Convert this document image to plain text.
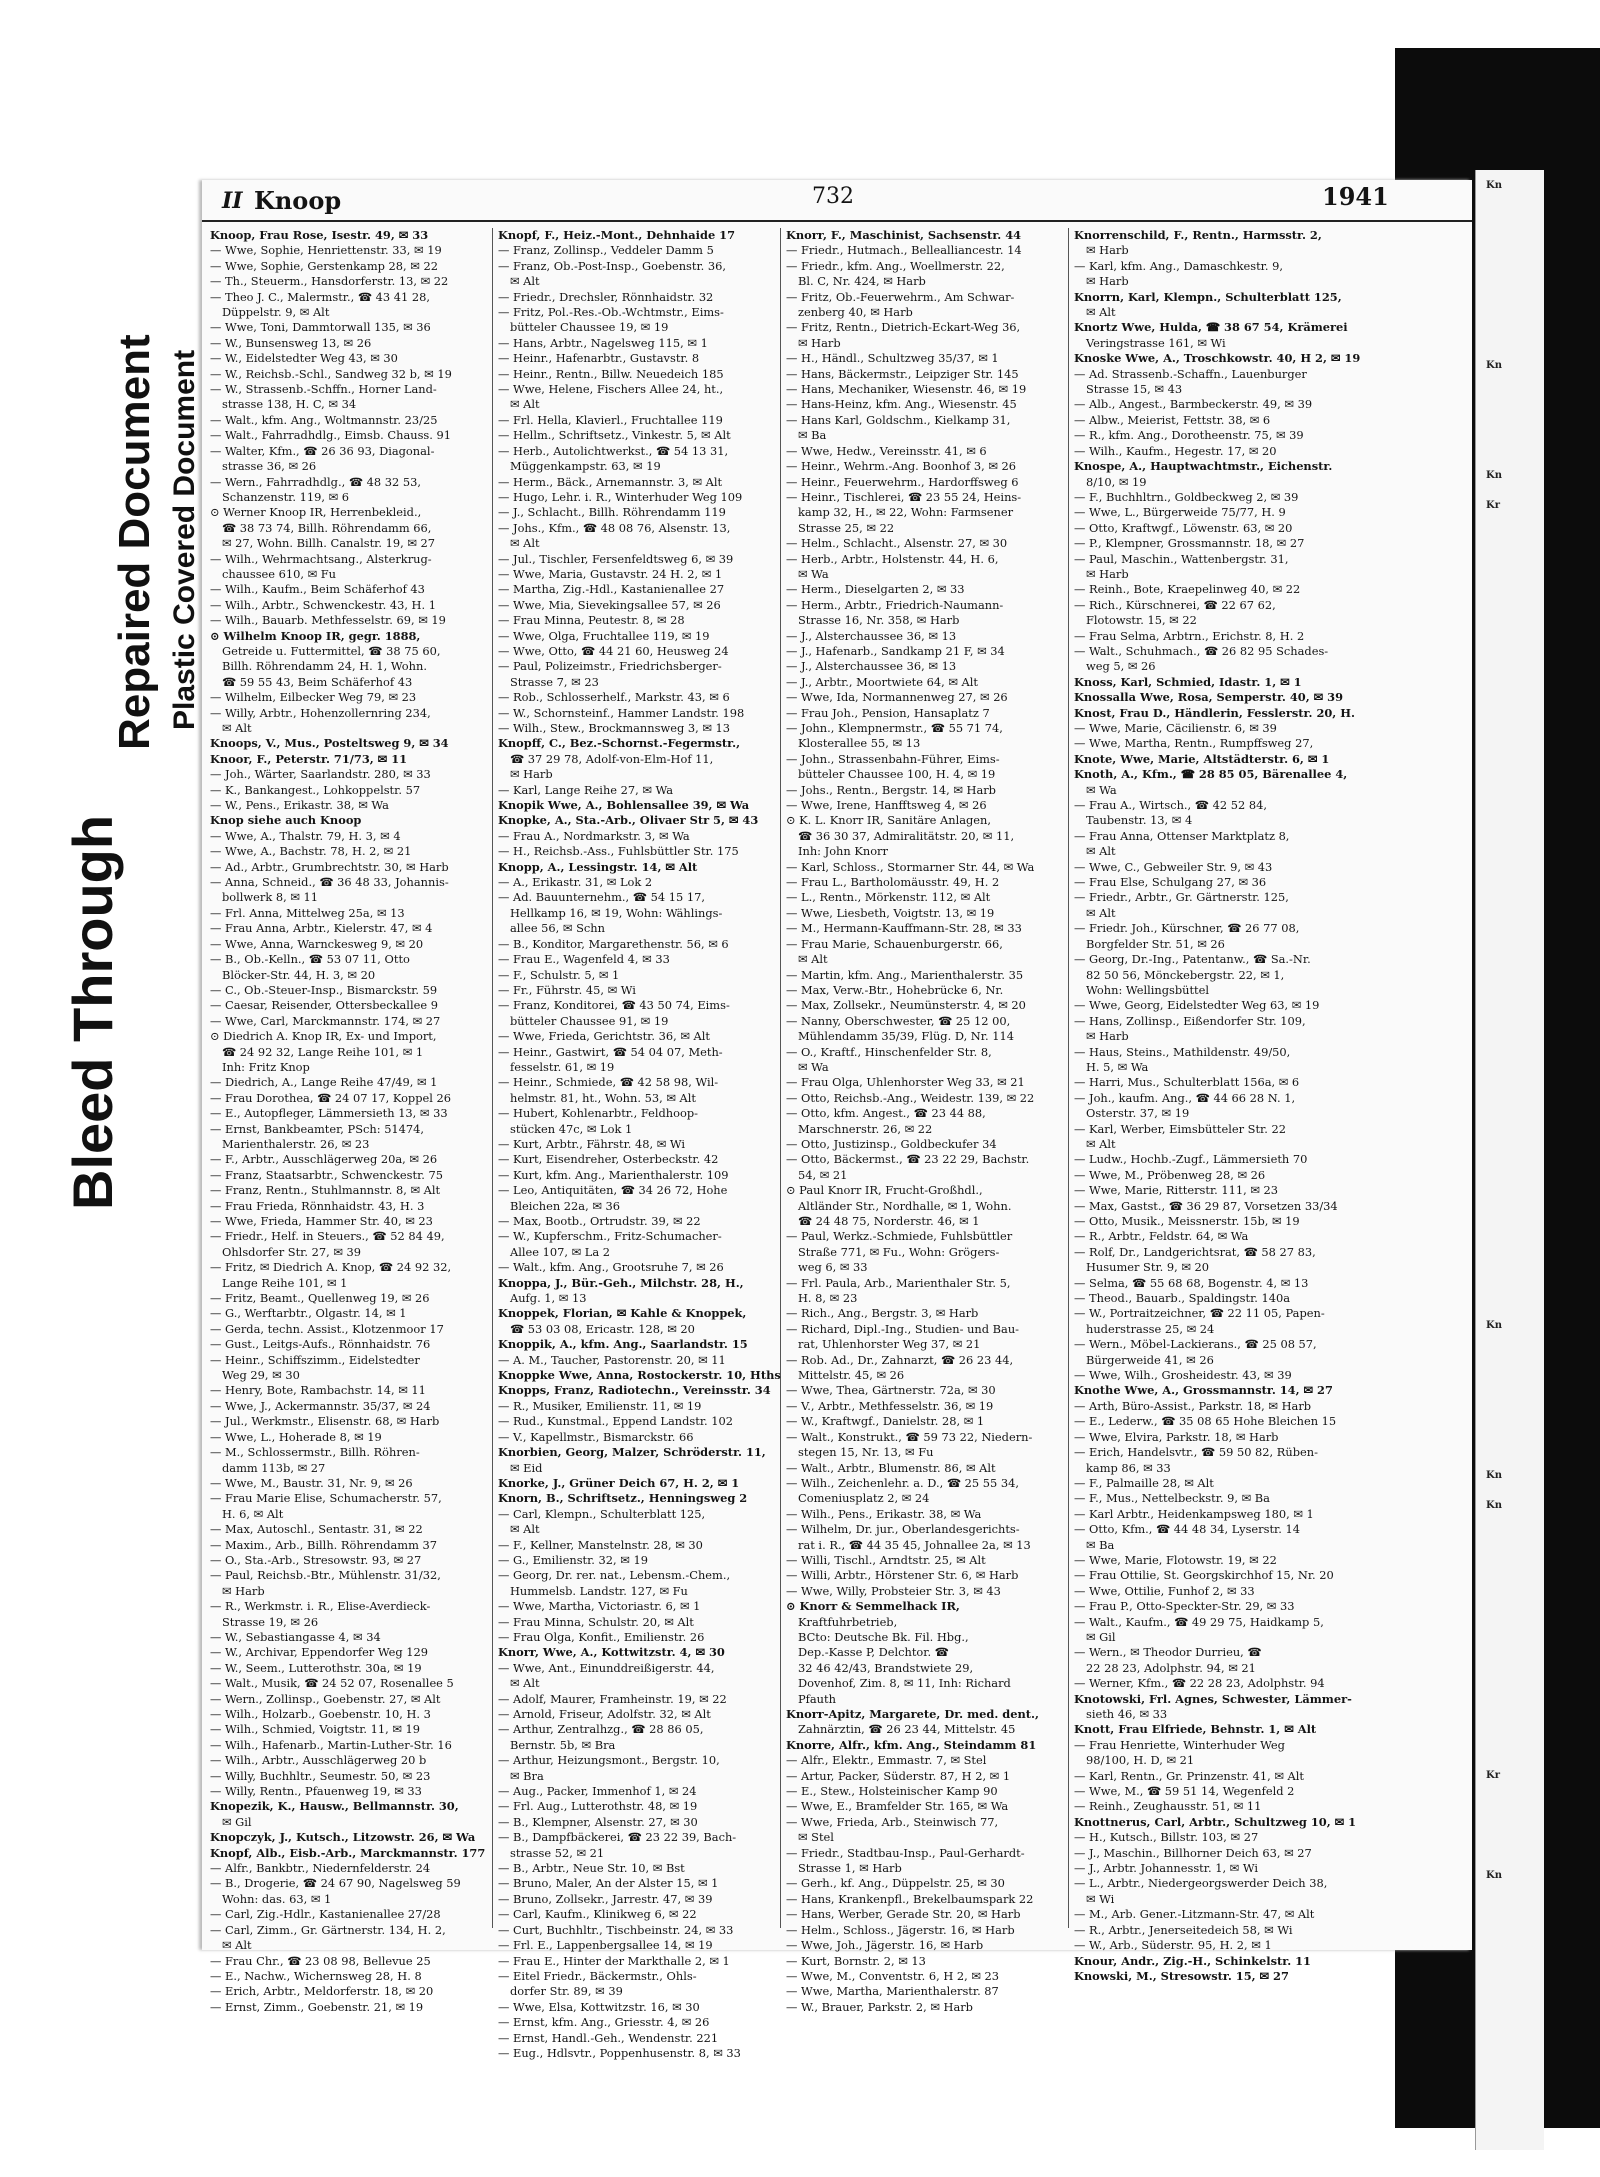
Bleed Through
Repaired Document Plastic Covered Document
Kn
Kn
Kn
Kr
Kn
Kn
Kn
Kr
Kn
II Knoop	732	1941
Knoop, Frau Rose, Isestr. 49, ✉ 33
— Wwe, Sophie, Henriettenstr. 33, ✉ 19
— Wwe, Sophie, Gerstenkamp 28, ✉ 22
— Th., Steuerm., Hansdorferstr. 13, ✉ 22
— Theo J. C., Malermstr., ☎ 43 41 28,
Düppelstr. 9, ✉ Alt
— Wwe, Toni, Dammtorwall 135, ✉ 36
— W., Bunsensweg 13, ✉ 26
— W., Eidelstedter Weg 43, ✉ 30
— W., Reichsb.-Schl., Sandweg 32 b, ✉ 19
— W., Strassenb.-Schffn., Horner Land-
strasse 138, H. C, ✉ 34
— Walt., kfm. Ang., Woltmannstr. 23/25
— Walt., Fahrradhdlg., Eimsb. Chauss. 91
— Walter, Kfm., ☎ 26 36 93, Diagonal-
strasse 36, ✉ 26
— Wern., Fahrradhdlg., ☎ 48 32 53,
Schanzenstr. 119, ✉ 6
⊙ Werner Knoop IR, Herrenbekleid.,
☎ 38 73 74, Billh. Röhrendamm 66,
✉ 27, Wohn. Billh. Canalstr. 19, ✉ 27
— Wilh., Wehrmachtsang., Alsterkrug-
chaussee 610, ✉ Fu
— Wilh., Kaufm., Beim Schäferhof 43
— Wilh., Arbtr., Schwenckestr. 43, H. 1
— Wilh., Bauarb. Methfesselstr. 69, ✉ 19
⊙ Wilhelm Knoop IR, gegr. 1888,
Getreide u. Futtermittel, ☎ 38 75 60,
Billh. Röhrendamm 24, H. 1, Wohn.
☎ 59 55 43, Beim Schäferhof 43
— Wilhelm, Eilbecker Weg 79, ✉ 23
— Willy, Arbtr., Hohenzollernring 234,
✉ Alt
Knoops, V., Mus., Posteltsweg 9, ✉ 34
Knoor, F., Peterstr. 71/73, ✉ 11
— Joh., Wärter, Saarlandstr. 280, ✉ 33
— K., Bankangest., Lohkoppelstr. 57
— W., Pens., Erikastr. 38, ✉ Wa
Knop siehe auch Knoop
— Wwe, A., Thalstr. 79, H. 3, ✉ 4
— Wwe, A., Bachstr. 78, H. 2, ✉ 21
— Ad., Arbtr., Grumbrechtstr. 30, ✉ Harb
— Anna, Schneid., ☎ 36 48 33, Johannis-
bollwerk 8, ✉ 11
— Frl. Anna, Mittelweg 25a, ✉ 13
— Frau Anna, Arbtr., Kielerstr. 47, ✉ 4
— Wwe, Anna, Warnckesweg 9, ✉ 20
— B., Ob.-Kelln., ☎ 53 07 11, Otto
Blöcker-Str. 44, H. 3, ✉ 20
— C., Ob.-Steuer-Insp., Bismarckstr. 59
— Caesar, Reisender, Ottersbeckallee 9
— Wwe, Carl, Marckmannstr. 174, ✉ 27
⊙ Diedrich A. Knop IR, Ex- und Import,
☎ 24 92 32, Lange Reihe 101, ✉ 1
Inh: Fritz Knop
— Diedrich, A., Lange Reihe 47/49, ✉ 1
— Frau Dorothea, ☎ 24 07 17, Koppel 26
— E., Autopfleger, Lämmersieth 13, ✉ 33
— Ernst, Bankbeamter, PSch: 51474,
Marienthalerstr. 26, ✉ 23
— F., Arbtr., Ausschlägerweg 20a, ✉ 26
— Franz, Staatsarbtr., Schwenckestr. 75
— Franz, Rentn., Stuhlmannstr. 8, ✉ Alt
— Frau Frieda, Rönnhaidstr. 43, H. 3
— Wwe, Frieda, Hammer Str. 40, ✉ 23
— Friedr., Helf. in Steuers., ☎ 52 84 49,
Ohlsdorfer Str. 27, ✉ 39
— Fritz, ✉ Diedrich A. Knop, ☎ 24 92 32,
Lange Reihe 101, ✉ 1
— Fritz, Beamt., Quellenweg 19, ✉ 26
— G., Werftarbtr., Olgastr. 14, ✉ 1
— Gerda, techn. Assist., Klotzenmoor 17
— Gust., Leitgs-Aufs., Rönnhaidstr. 76
— Heinr., Schiffszimm., Eidelstedter
Weg 29, ✉ 30
— Henry, Bote, Rambachstr. 14, ✉ 11
— Wwe, J., Ackermannstr. 35/37, ✉ 24
— Jul., Werkmstr., Elisenstr. 68, ✉ Harb
— Wwe, L., Hoherade 8, ✉ 19
— M., Schlossermstr., Billh. Röhren-
damm 113b, ✉ 27
— Wwe, M., Baustr. 31, Nr. 9, ✉ 26
— Frau Marie Elise, Schumacherstr. 57,
H. 6, ✉ Alt
— Max, Autoschl., Sentastr. 31, ✉ 22
— Maxim., Arb., Billh. Röhrendamm 37
— O., Sta.-Arb., Stresowstr. 93, ✉ 27
— Paul, Reichsb.-Btr., Mühlenstr. 31/32,
✉ Harb
— R., Werkmstr. i. R., Elise-Averdieck-
Strasse 19, ✉ 26
— W., Sebastiangasse 4, ✉ 34
— W., Archivar, Eppendorfer Weg 129
— W., Seem., Lutterothstr. 30a, ✉ 19
— Walt., Musik, ☎ 24 52 07, Rosenallee 5
— Wern., Zollinsp., Goebenstr. 27, ✉ Alt
— Wilh., Holzarb., Goebenstr. 10, H. 3
— Wilh., Schmied, Voigtstr. 11, ✉ 19
— Wilh., Hafenarb., Martin-Luther-Str. 16
— Wilh., Arbtr., Ausschlägerweg 20 b
— Willy, Buchhltr., Seumestr. 50, ✉ 23
— Willy, Rentn., Pfauenweg 19, ✉ 33
Knopezik, K., Hausw., Bellmannstr. 30,
✉ Gil
Knopczyk, J., Kutsch., Litzowstr. 26, ✉ Wa
Knopf, Alb., Eisb.-Arb., Marckmannstr. 177
— Alfr., Bankbtr., Niedernfelderstr. 24
— B., Drogerie, ☎ 24 67 90, Nagelsweg 59
Wohn: das. 63, ✉ 1
— Carl, Zig.-Hdlr., Kastanienallee 27/28
— Carl, Zimm., Gr. Gärtnerstr. 134, H. 2,
✉ Alt
— Frau Chr., ☎ 23 08 98, Bellevue 25
— E., Nachw., Wichernsweg 28, H. 8
— Erich, Arbtr., Meldorferstr. 18, ✉ 20
— Ernst, Zimm., Goebenstr. 21, ✉ 19
Knopf, F., Heiz.-Mont., Dehnhaide 17
— Franz, Zollinsp., Veddeler Damm 5
— Franz, Ob.-Post-Insp., Goebenstr. 36,
✉ Alt
— Friedr., Drechsler, Rönnhaidstr. 32
— Fritz, Pol.-Res.-Ob.-Wchtmstr., Eims-
bütteler Chaussee 19, ✉ 19
— Hans, Arbtr., Nagelsweg 115, ✉ 1
— Heinr., Hafenarbtr., Gustavstr. 8
— Heinr., Rentn., Billw. Neuedeich 185
— Wwe, Helene, Fischers Allee 24, ht.,
✉ Alt
— Frl. Hella, Klavierl., Fruchtallee 119
— Hellm., Schriftsetz., Vinkestr. 5, ✉ Alt
— Herb., Autolichtwerkst., ☎ 54 13 31,
Müggenkampstr. 63, ✉ 19
— Herm., Bäck., Arnemannstr. 3, ✉ Alt
— Hugo, Lehr. i. R., Winterhuder Weg 109
— J., Schlacht., Billh. Röhrendamm 119
— Johs., Kfm., ☎ 48 08 76, Alsenstr. 13,
✉ Alt
— Jul., Tischler, Fersenfeldtsweg 6, ✉ 39
— Wwe, Maria, Gustavstr. 24 H. 2, ✉ 1
— Martha, Zig.-Hdl., Kastanienallee 27
— Wwe, Mia, Sievekingsallee 57, ✉ 26
— Frau Minna, Peutestr. 8, ✉ 28
— Wwe, Olga, Fruchtallee 119, ✉ 19
— Wwe, Otto, ☎ 44 21 60, Heusweg 24
— Paul, Polizeimstr., Friedrichsberger-
Strasse 7, ✉ 23
— Rob., Schlosserhelf., Markstr. 43, ✉ 6
— W., Schornsteinf., Hammer Landstr. 198
— Wilh., Stew., Brockmannsweg 3, ✉ 13
Knopff, C., Bez.-Schornst.-Fegermstr.,
☎ 37 29 78, Adolf-von-Elm-Hof 11,
✉ Harb
— Karl, Lange Reihe 27, ✉ Wa
Knopik Wwe, A., Bohlensallee 39, ✉ Wa
Knopke, A., Sta.-Arb., Olivaer Str 5, ✉ 43
— Frau A., Nordmarkstr. 3, ✉ Wa
— H., Reichsb.-Ass., Fuhlsbüttler Str. 175
Knopp, A., Lessingstr. 14, ✉ Alt
— A., Erikastr. 31, ✉ Lok 2
— Ad. Bauunternehm., ☎ 54 15 17,
Hellkamp 16, ✉ 19, Wohn: Wählings-
allee 56, ✉ Schn
— B., Konditor, Margarethenstr. 56, ✉ 6
— Frau E., Wagenfeld 4, ✉ 33
— F., Schulstr. 5, ✉ 1
— Fr., Führstr. 45, ✉ Wi
— Franz, Konditorei, ☎ 43 50 74, Eims-
bütteler Chaussee 91, ✉ 19
— Wwe, Frieda, Gerichtstr. 36, ✉ Alt
— Heinr., Gastwirt, ☎ 54 04 07, Meth-
fesselstr. 61, ✉ 19
— Heinr., Schmiede, ☎ 42 58 98, Wil-
helmstr. 81, ht., Wohn. 53, ✉ Alt
— Hubert, Kohlenarbtr., Feldhoop-
stücken 47c, ✉ Lok 1
— Kurt, Arbtr., Fährstr. 48, ✉ Wi
— Kurt, Eisendreher, Osterbeckstr. 42
— Kurt, kfm. Ang., Marienthalerstr. 109
— Leo, Antiquitäten, ☎ 34 26 72, Hohe
Bleichen 22a, ✉ 36
— Max, Bootb., Ortrudstr. 39, ✉ 22
— W., Kupferschm., Fritz-Schumacher-
Allee 107, ✉ La 2
— Walt., kfm. Ang., Grootsruhe 7, ✉ 26
Knoppa, J., Bür.-Geh., Milchstr. 28, H.,
Aufg. 1, ✉ 13
Knoppek, Florian, ✉ Kahle & Knoppek,
☎ 53 03 08, Ericastr. 128, ✉ 20
Knoppik, A., kfm. Ang., Saarlandstr. 15
— A. M., Taucher, Pastorenstr. 20, ✉ 11
Knoppke Wwe, Anna, Rostockerstr. 10, Hths
Knopps, Franz, Radiotechn., Vereinsstr. 34
— R., Musiker, Emilienstr. 11, ✉ 19
— Rud., Kunstmal., Eppend Landstr. 102
— V., Kapellmstr., Bismarckstr. 66
Knorbien, Georg, Malzer, Schröderstr. 11,
✉ Eid
Knorke, J., Grüner Deich 67, H. 2, ✉ 1
Knorn, B., Schriftsetz., Henningsweg 2
— Carl, Klempn., Schulterblatt 125,
✉ Alt
— F., Kellner, Manstelnstr. 28, ✉ 30
— G., Emilienstr. 32, ✉ 19
— Georg, Dr. rer. nat., Lebensm.-Chem.,
Hummelsb. Landstr. 127, ✉ Fu
— Wwe, Martha, Victoriastr. 6, ✉ 1
— Frau Minna, Schulstr. 20, ✉ Alt
— Frau Olga, Konfit., Emilienstr. 26
Knorr, Wwe, A., Kottwitzstr. 4, ✉ 30
— Wwe, Ant., Einunddreißigerstr. 44,
✉ Alt
— Adolf, Maurer, Framheinstr. 19, ✉ 22
— Arnold, Friseur, Adolfstr. 32, ✉ Alt
— Arthur, Zentralhzg., ☎ 28 86 05,
Bernstr. 5b, ✉ Bra
— Arthur, Heizungsmont., Bergstr. 10,
✉ Bra
— Aug., Packer, Immenhof 1, ✉ 24
— Frl. Aug., Lutterothstr. 48, ✉ 19
— B., Klempner, Alsenstr. 27, ✉ 30
— B., Dampfbäckerei, ☎ 23 22 39, Bach-
strasse 52, ✉ 21
— B., Arbtr., Neue Str. 10, ✉ Bst
— Bruno, Maler, An der Alster 15, ✉ 1
— Bruno, Zollsekr., Jarrestr. 47, ✉ 39
— Carl, Kaufm., Klinikweg 6, ✉ 22
— Curt, Buchhltr., Tischbeinstr. 24, ✉ 33
— Frl. E., Lappenbergsallee 14, ✉ 19
— Frau E., Hinter der Markthalle 2, ✉ 1
— Eitel Friedr., Bäckermstr., Ohls-
dorfer Str. 89, ✉ 39
— Wwe, Elsa, Kottwitzstr. 16, ✉ 30
— Ernst, kfm. Ang., Griesstr. 4, ✉ 26
— Ernst, Handl.-Geh., Wendenstr. 221
— Eug., Hdlsvtr., Poppenhusenstr. 8, ✉ 33
Knorr, F., Maschinist, Sachsenstr. 44
— Friedr., Hutmach., Bellealliancestr. 14
— Friedr., kfm. Ang., Woellmerstr. 22,
Bl. C, Nr. 424, ✉ Harb
— Fritz, Ob.-Feuerwehrm., Am Schwar-
zenberg 40, ✉ Harb
— Fritz, Rentn., Dietrich-Eckart-Weg 36,
✉ Harb
— H., Händl., Schultzweg 35/37, ✉ 1
— Hans, Bäckermstr., Leipziger Str. 145
— Hans, Mechaniker, Wiesenstr. 46, ✉ 19
— Hans-Heinz, kfm. Ang., Wiesenstr. 45
— Hans Karl, Goldschm., Kielkamp 31,
✉ Ba
— Wwe, Hedw., Vereinsstr. 41, ✉ 6
— Heinr., Wehrm.-Ang. Boonhof 3, ✉ 26
— Heinr., Feuerwehrm., Hardorffsweg 6
— Heinr., Tischlerei, ☎ 23 55 24, Heins-
kamp 32, H., ✉ 22, Wohn: Farmsener
Strasse 25, ✉ 22
— Helm., Schlacht., Alsenstr. 27, ✉ 30
— Herb., Arbtr., Holstenstr. 44, H. 6,
✉ Wa
— Herm., Dieselgarten 2, ✉ 33
— Herm., Arbtr., Friedrich-Naumann-
Strasse 16, Nr. 358, ✉ Harb
— J., Alsterchaussee 36, ✉ 13
— J., Hafenarb., Sandkamp 21 F, ✉ 34
— J., Alsterchaussee 36, ✉ 13
— J., Arbtr., Moortwiete 64, ✉ Alt
— Wwe, Ida, Normannenweg 27, ✉ 26
— Frau Joh., Pension, Hansaplatz 7
— John., Klempnermstr., ☎ 55 71 74,
Klosterallee 55, ✉ 13
— John., Strassenbahn-Führer, Eims-
bütteler Chaussee 100, H. 4, ✉ 19
— Johs., Rentn., Bergstr. 14, ✉ Harb
— Wwe, Irene, Hanfftsweg 4, ✉ 26
⊙ K. L. Knorr IR, Sanitäre Anlagen,
☎ 36 30 37, Admiralitätstr. 20, ✉ 11,
Inh: John Knorr
— Karl, Schloss., Stormarner Str. 44, ✉ Wa
— Frau L., Bartholomäusstr. 49, H. 2
— L., Rentn., Mörkenstr. 112, ✉ Alt
— Wwe, Liesbeth, Voigtstr. 13, ✉ 19
— M., Hermann-Kauffmann-Str. 28, ✉ 33
— Frau Marie, Schauenburgerstr. 66,
✉ Alt
— Martin, kfm. Ang., Marienthalerstr. 35
— Max, Verw.-Btr., Hohebrücke 6, Nr.
— Max, Zollsekr., Neumünsterstr. 4, ✉ 20
— Nanny, Oberschwester, ☎ 25 12 00,
Mühlendamm 35/39, Flüg. D, Nr. 114
— O., Kraftf., Hinschenfelder Str. 8,
✉ Wa
— Frau Olga, Uhlenhorster Weg 33, ✉ 21
— Otto, Reichsb.-Ang., Weidestr. 139, ✉ 22
— Otto, kfm. Angest., ☎ 23 44 88,
Marschnerstr. 26, ✉ 22
— Otto, Justizinsp., Goldbeckufer 34
— Otto, Bäckermst., ☎ 23 22 29, Bachstr.
54, ✉ 21
⊙ Paul Knorr IR, Frucht-Großhdl.,
Altländer Str., Nordhalle, ✉ 1, Wohn.
☎ 24 48 75, Norderstr. 46, ✉ 1
— Paul, Werkz.-Schmiede, Fuhlsbüttler
Straße 771, ✉ Fu., Wohn: Grögers-
weg 6, ✉ 33
— Frl. Paula, Arb., Marienthaler Str. 5,
H. 8, ✉ 23
— Rich., Ang., Bergstr. 3, ✉ Harb
— Richard, Dipl.-Ing., Studien- und Bau-
rat, Uhlenhorster Weg 37, ✉ 21
— Rob. Ad., Dr., Zahnarzt, ☎ 26 23 44,
Mittelstr. 45, ✉ 26
— Wwe, Thea, Gärtnerstr. 72a, ✉ 30
— V., Arbtr., Methfesselstr. 36, ✉ 19
— W., Kraftwgf., Danielstr. 28, ✉ 1
— Walt., Konstrukt., ☎ 59 73 22, Niedern-
stegen 15, Nr. 13, ✉ Fu
— Walt., Arbtr., Blumenstr. 86, ✉ Alt
— Wilh., Zeichenlehr. a. D., ☎ 25 55 34,
Comeniusplatz 2, ✉ 24
— Wilh., Pens., Erikastr. 38, ✉ Wa
— Wilhelm, Dr. jur., Oberlandesgerichts-
rat i. R., ☎ 44 35 45, Johnallee 2a, ✉ 13
— Willi, Tischl., Arndtstr. 25, ✉ Alt
— Willi, Arbtr., Hörstener Str. 6, ✉ Harb
— Wwe, Willy, Probsteier Str. 3, ✉ 43
⊙ Knorr & Semmelhack IR,
Kraftfuhrbetrieb,
BCto: Deutsche Bk. Fil. Hbg.,
Dep.-Kasse P, Delchtor. ☎
32 46 42/43, Brandstwiete 29,
Dovenhof, Zim. 8, ✉ 11, Inh: Richard
Pfauth
Knorr-Apitz, Margarete, Dr. med. dent.,
Zahnärztin, ☎ 26 23 44, Mittelstr. 45
Knorre, Alfr., kfm. Ang., Steindamm 81
— Alfr., Elektr., Emmastr. 7, ✉ Stel
— Artur, Packer, Süderstr. 87, H 2, ✉ 1
— E., Stew., Holsteinischer Kamp 90
— Wwe, E., Bramfelder Str. 165, ✉ Wa
— Wwe, Frieda, Arb., Steinwisch 77,
✉ Stel
— Friedr., Stadtbau-Insp., Paul-Gerhardt-
Strasse 1, ✉ Harb
— Gerh., kf. Ang., Düppelstr. 25, ✉ 30
— Hans, Krankenpfl., Brekelbaumspark 22
— Hans, Werber, Gerade Str. 20, ✉ Harb
— Helm., Schloss., Jägerstr. 16, ✉ Harb
— Wwe, Joh., Jägerstr. 16, ✉ Harb
— Kurt, Bornstr. 2, ✉ 13
— Wwe, M., Conventstr. 6, H 2, ✉ 23
— Wwe, Martha, Marienthalerstr. 87
— W., Brauer, Parkstr. 2, ✉ Harb
Knorrenschild, F., Rentn., Harmsstr. 2,
✉ Harb
— Karl, kfm. Ang., Damaschkestr. 9,
✉ Harb
Knorrn, Karl, Klempn., Schulterblatt 125,
✉ Alt
Knortz Wwe, Hulda, ☎ 38 67 54, Krämerei
Veringstrasse 161, ✉ Wi
Knoske Wwe, A., Troschkowstr. 40, H 2, ✉ 19
— Ad. Strassenb.-Schaffn., Lauenburger
Strasse 15, ✉ 43
— Alb., Angest., Barmbeckerstr. 49, ✉ 39
— Albw., Meierist, Fettstr. 38, ✉ 6
— R., kfm. Ang., Dorotheenstr. 75, ✉ 39
— Wilh., Kaufm., Hegestr. 17, ✉ 20
Knospe, A., Hauptwachtmstr., Eichenstr.
8/10, ✉ 19
— F., Buchhltrn., Goldbeckweg 2, ✉ 39
— Wwe, L., Bürgerweide 75/77, H. 9
— Otto, Kraftwgf., Löwenstr. 63, ✉ 20
— P., Klempner, Grossmannstr. 18, ✉ 27
— Paul, Maschin., Wattenbergstr. 31,
✉ Harb
— Reinh., Bote, Kraepelinweg 40, ✉ 22
— Rich., Kürschnerei, ☎ 22 67 62,
Flotowstr. 15, ✉ 22
— Frau Selma, Arbtrn., Erichstr. 8, H. 2
— Walt., Schuhmach., ☎ 26 82 95 Schades-
weg 5, ✉ 26
Knoss, Karl, Schmied, Idastr. 1, ✉ 1
Knossalla Wwe, Rosa, Semperstr. 40, ✉ 39
Knost, Frau D., Händlerin, Fesslerstr. 20, H.
— Wwe, Marie, Cäcilienstr. 6, ✉ 39
— Wwe, Martha, Rentn., Rumpffsweg 27,
Knote, Wwe, Marie, Altstädterstr. 6, ✉ 1
Knoth, A., Kfm., ☎ 28 85 05, Bärenallee 4,
✉ Wa
— Frau A., Wirtsch., ☎ 42 52 84,
Taubenstr. 13, ✉ 4
— Frau Anna, Ottenser Marktplatz 8,
✉ Alt
— Wwe, C., Gebweiler Str. 9, ✉ 43
— Frau Else, Schulgang 27, ✉ 36
— Friedr., Arbtr., Gr. Gärtnerstr. 125,
✉ Alt
— Friedr. Joh., Kürschner, ☎ 26 77 08,
Borgfelder Str. 51, ✉ 26
— Georg, Dr.-Ing., Patentanw., ☎ Sa.-Nr.
82 50 56, Mönckebergstr. 22, ✉ 1,
Wohn: Wellingsbüttel
— Wwe, Georg, Eidelstedter Weg 63, ✉ 19
— Hans, Zollinsp., Eißendorfer Str. 109,
✉ Harb
— Haus, Steins., Mathildenstr. 49/50,
H. 5, ✉ Wa
— Harri, Mus., Schulterblatt 156a, ✉ 6
— Joh., kaufm. Ang., ☎ 44 66 28 N. 1,
Osterstr. 37, ✉ 19
— Karl, Werber, Eimsbütteler Str. 22
✉ Alt
— Ludw., Hochb.-Zugf., Lämmersieth 70
— Wwe, M., Pröbenweg 28, ✉ 26
— Wwe, Marie, Ritterstr. 111, ✉ 23
— Max, Gastst., ☎ 36 29 87, Vorsetzen 33/34
— Otto, Musik., Meissnerstr. 15b, ✉ 19
— R., Arbtr., Feldstr. 64, ✉ Wa
— Rolf, Dr., Landgerichtsrat, ☎ 58 27 83,
Husumer Str. 9, ✉ 20
— Selma, ☎ 55 68 68, Bogenstr. 4, ✉ 13
— Theod., Bauarb., Spaldingstr. 140a
— W., Portraitzeichner, ☎ 22 11 05, Papen-
huderstrasse 25, ✉ 24
— Wern., Möbel-Lackierans., ☎ 25 08 57,
Bürgerweide 41, ✉ 26
— Wwe, Wilh., Grosheidestr. 43, ✉ 39
Knothe Wwe, A., Grossmannstr. 14, ✉ 27
— Arth, Büro-Assist., Parkstr. 18, ✉ Harb
— E., Lederw., ☎ 35 08 65 Hohe Bleichen 15
— Wwe, Elvira, Parkstr. 18, ✉ Harb
— Erich, Handelsvtr., ☎ 59 50 82, Rüben-
kamp 86, ✉ 33
— F., Palmaille 28, ✉ Alt
— F., Mus., Nettelbeckstr. 9, ✉ Ba
— Karl Arbtr., Heidenkampsweg 180, ✉ 1
— Otto, Kfm., ☎ 44 48 34, Lyserstr. 14
✉ Ba
— Wwe, Marie, Flotowstr. 19, ✉ 22
— Frau Ottilie, St. Georgskirchhof 15, Nr. 20
— Wwe, Ottilie, Funhof 2, ✉ 33
— Frau P., Otto-Speckter-Str. 29, ✉ 33
— Walt., Kaufm., ☎ 49 29 75, Haidkamp 5,
✉ Gil
— Wern., ✉ Theodor Durrieu, ☎
22 28 23, Adolphstr. 94, ✉ 21
— Werner, Kfm., ☎ 22 28 23, Adolphstr. 94
Knotowski, Frl. Agnes, Schwester, Lämmer-
sieth 46, ✉ 33
Knott, Frau Elfriede, Behnstr. 1, ✉ Alt
— Frau Henriette, Winterhuder Weg
98/100, H. D, ✉ 21
— Karl, Rentn., Gr. Prinzenstr. 41, ✉ Alt
— Wwe, M., ☎ 59 51 14, Wegenfeld 2
— Reinh., Zeughausstr. 51, ✉ 11
Knottnerus, Carl, Arbtr., Schultzweg 10, ✉ 1
— H., Kutsch., Billstr. 103, ✉ 27
— J., Maschin., Billhorner Deich 63, ✉ 27
— J., Arbtr. Johannesstr. 1, ✉ Wi
— L., Arbtr., Niedergeorgswerder Deich 38,
✉ Wi
— M., Arb. Gener.-Litzmann-Str. 47, ✉ Alt
— R., Arbtr., Jenerseitedeich 58, ✉ Wi
— W., Arb., Süderstr. 95, H. 2, ✉ 1
Knour, Andr., Zig.-H., Schinkelstr. 11
Knowski, M., Stresowstr. 15, ✉ 27
